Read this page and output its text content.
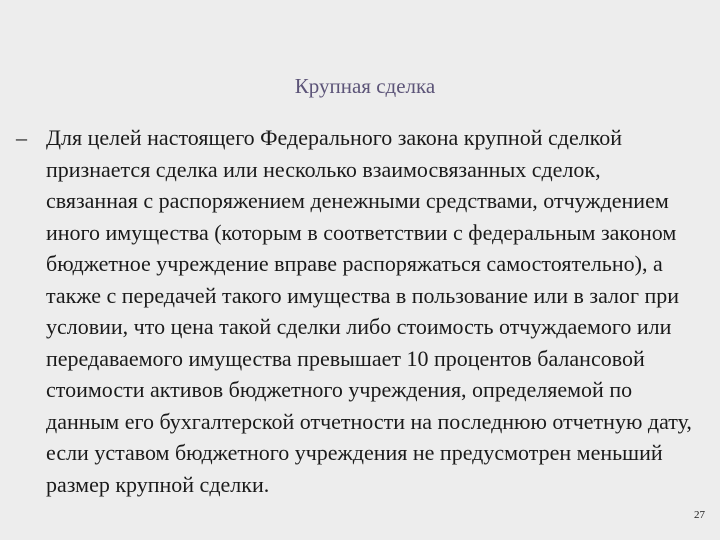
Крупная сделка
– Для целей настоящего Федерального закона крупной сделкой признается сделка или несколько взаимосвязанных сделок, связанная с распоряжением денежными средствами, отчуждением иного имущества (которым в соответствии с федеральным законом бюджетное учреждение вправе распоряжаться самостоятельно), а также с передачей такого имущества в пользование или в залог при условии, что цена такой сделки либо стоимость отчуждаемого или передаваемого имущества превышает 10 процентов балансовой стоимости активов бюджетного учреждения, определяемой по данным его бухгалтерской отчетности на последнюю отчетную дату, если уставом бюджетного учреждения не предусмотрен меньший размер крупной сделки.

27
